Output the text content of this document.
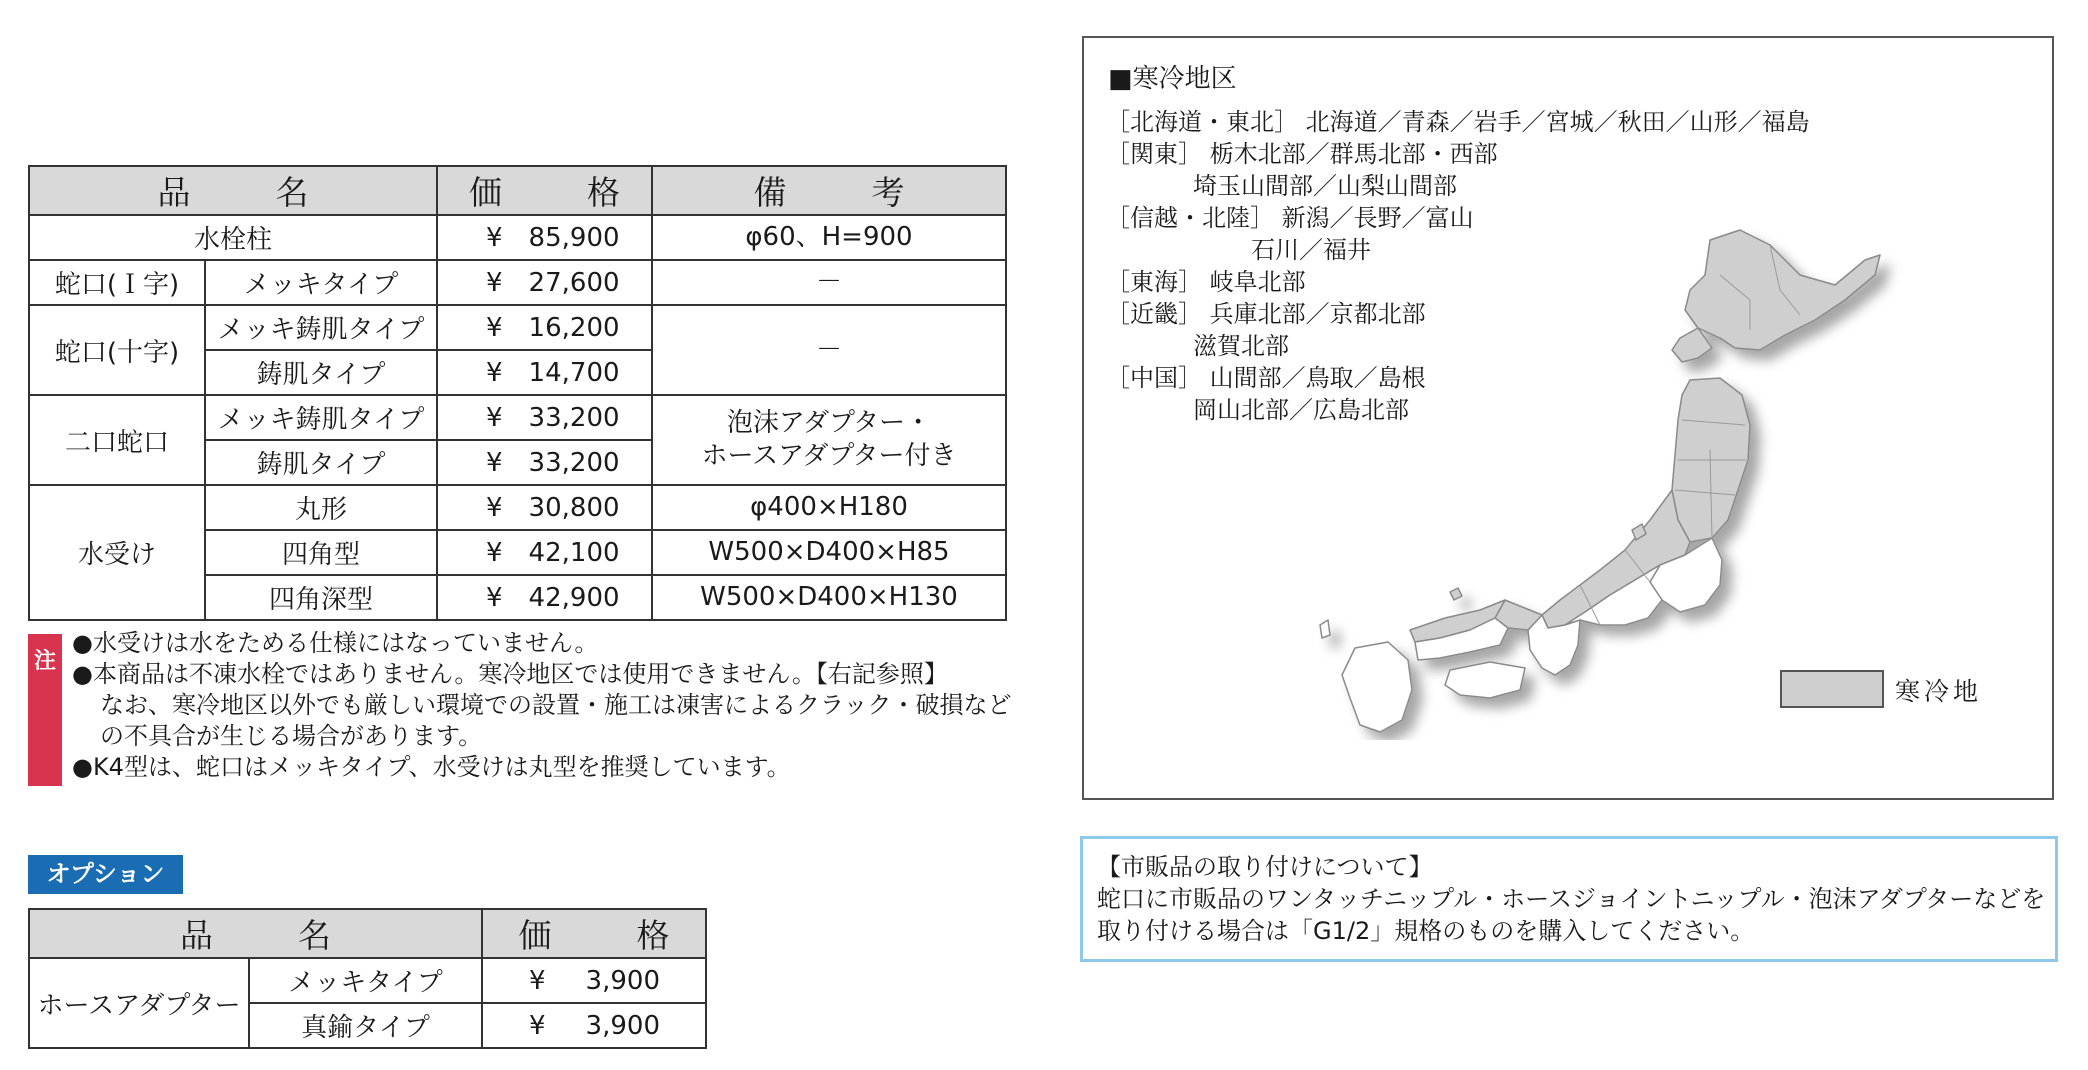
品　名		価　格	備　考
水栓柱		¥ 85,900	φ60、H=900
蛇口(Ｉ字)	メッキタイプ	¥ 27,600	－
蛇口(十字)	メッキ鋳肌タイプ	¥ 16,200	－
	鋳肌タイプ	¥ 14,700	
二口蛇口	メッキ鋳肌タイプ	¥ 33,200	泡沫アダプター・
ホースアダプター付き

	鋳肌タイプ	¥ 33,200	
水受け	丸形	¥ 30,800	φ400×H180
	四角型	¥ 42,100	W500×D400×H85
	四角深型	¥ 42,900	W500×D400×H130
注
●水受けは水をためる仕様にはなっていません。
●本商品は不凍水栓ではありません。寒冷地区では使用できません。【右記参照】
なお、寒冷地区以外でも厳しい環境での設置・施工は凍害によるクラック・破損など
の不具合が生じる場合があります。
●K4型は、蛇口はメッキタイプ、水受けは丸型を推奨しています。
オプション
品　名		価　格
ホースアダプター	メッキタイプ	¥ 3,900
	真鍮タイプ	¥ 3,900
■寒冷地区
［北海道・東北］ 北海道／青森／岩手／宮城／秋田／山形／福島
［関東］ 栃木北部／群馬北部・西部
埼玉山間部／山梨山間部
［信越・北陸］ 新潟／長野／富山
石川／福井
［東海］ 岐阜北部
［近畿］ 兵庫北部／京都北部
滋賀北部
［中国］ 山間部／鳥取／島根
岡山北部／広島北部
寒冷地
【市販品の取り付けについて】
蛇口に市販品のワンタッチニップル・ホースジョイントニップル・泡沫アダプターなどを
取り付ける場合は「G1/2」規格のものを購入してください。
